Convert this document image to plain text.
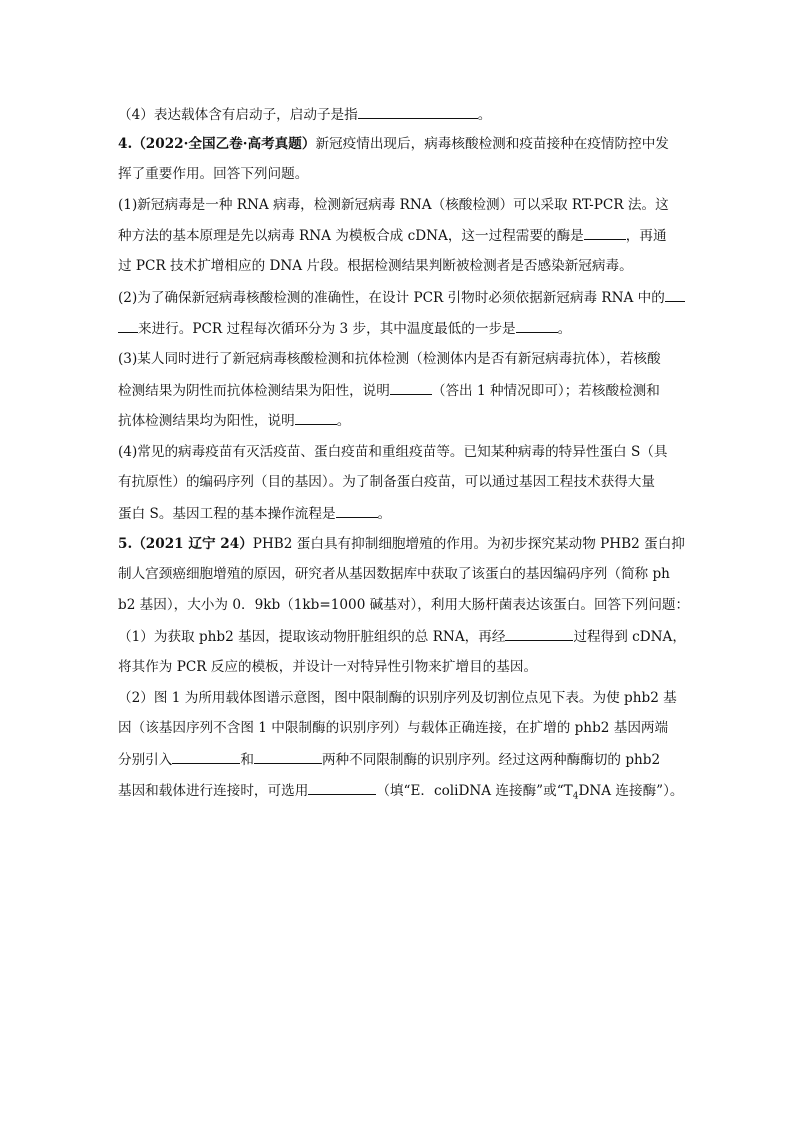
（4）表达载体含有启动子，启动子是指	。
4.（2022·全国乙卷·高考真题）新冠疫情出现后，病毒核酸检测和疫苗接种在疫情防控中发
挥了重要作用。回答下列问题。
(1)新冠病毒是一种 RNA 病毒，检测新冠病毒 RNA（核酸检测）可以采取 RT-PCR 法。这
种方法的基本原理是先以病毒 RNA 为模板合成 cDNA，这一过程需要的酶是	，再通
过 PCR 技术扩增相应的 DNA 片段。根据检测结果判断被检测者是否感染新冠病毒。
(2)为了确保新冠病毒核酸检测的准确性，在设计 PCR 引物时必须依据新冠病毒 RNA 中的
来进行。PCR 过程每次循环分为 3 步，其中温度最低的一步是	。
(3)某人同时进行了新冠病毒核酸检测和抗体检测（检测体内是否有新冠病毒抗体），若核酸
检测结果为阴性而抗体检测结果为阳性，说明	（答出 1 种情况即可）；若核酸检测和
抗体检测结果均为阳性，说明	。
(4)常见的病毒疫苗有灭活疫苗、蛋白疫苗和重组疫苗等。已知某种病毒的特异性蛋白 S（具
有抗原性）的编码序列（目的基因）。为了制备蛋白疫苗，可以通过基因工程技术获得大量
蛋白 S。基因工程的基本操作流程是	。
5.（2021 辽宁 24）PHB2 蛋白具有抑制细胞增殖的作用。为初步探究某动物 PHB2 蛋白抑
制人宫颈癌细胞增殖的原因，研究者从基因数据库中获取了该蛋白的基因编码序列（简称 ph
b2 基因），大小为 0．9kb（1kb=1000 碱基对），利用大肠杆菌表达该蛋白。回答下列问题：
（1）为获取 phb2 基因，提取该动物肝脏组织的总 RNA，再经	过程得到 cDNA，
将其作为 PCR 反应的模板，并设计一对特异性引物来扩增目的基因。
（2）图 1 为所用载体图谱示意图，图中限制酶的识别序列及切割位点见下表。为使 phb2 基
因（该基因序列不含图 1 中限制酶的识别序列）与载体正确连接，在扩增的 phb2 基因两端
分别引入	和	两种不同限制酶的识别序列。经过这两种酶酶切的 phb2
基因和载体进行连接时，可选用	（填“E．coliDNA 连接酶”或“$T_4DNA$ 连接酶”）。
